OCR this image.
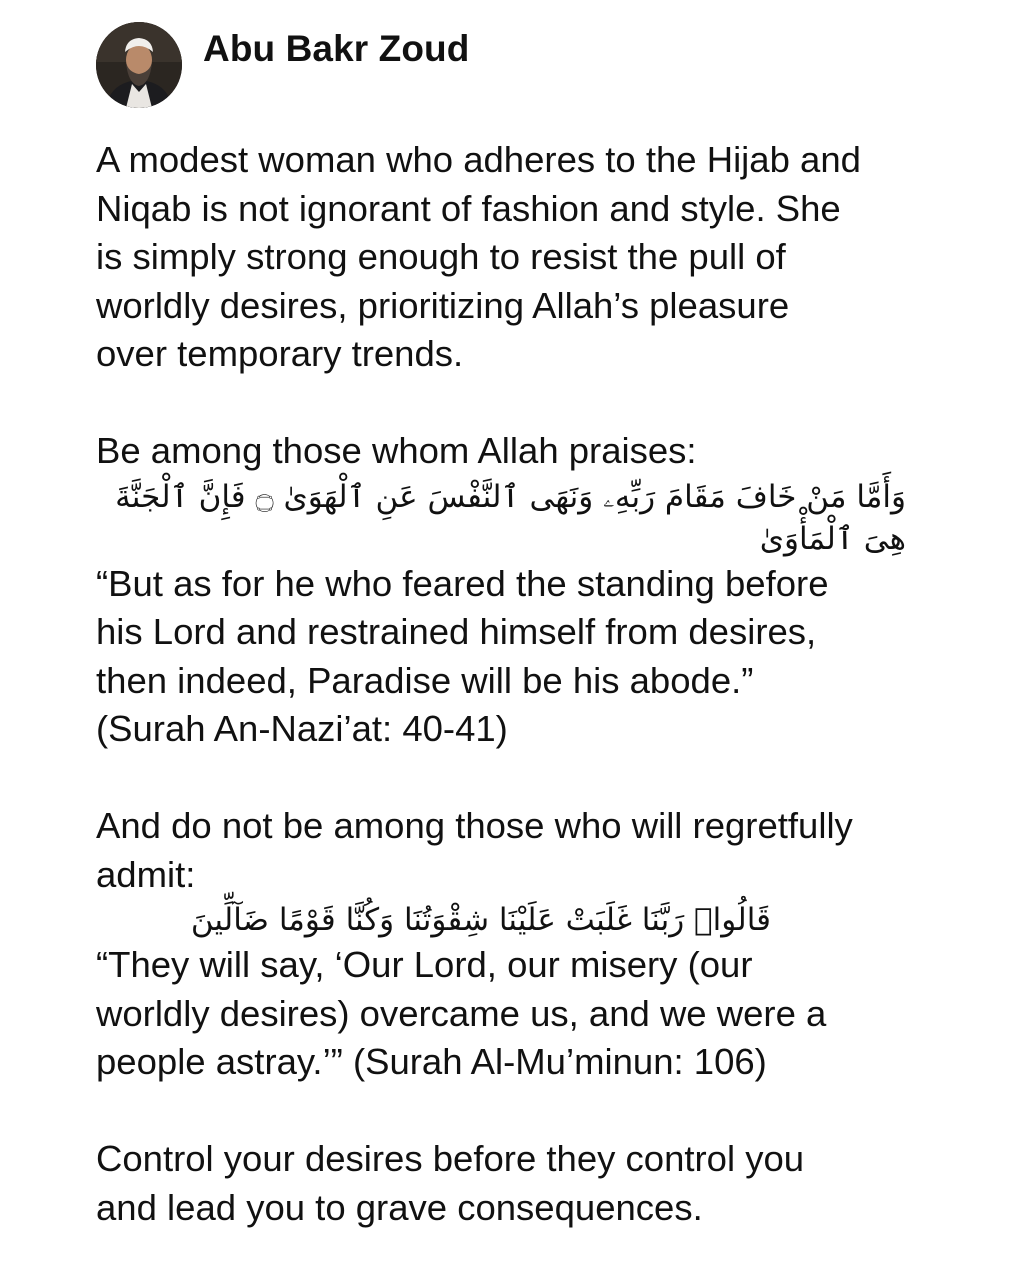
Abu Bakr Zoud

A modest woman who adheres to the Hijab and
Niqab is not ignorant of fashion and style. She
is simply strong enough to resist the pull of
worldly desires, prioritizing Allah’s pleasure
over temporary trends.

Be among those whom Allah praises:

وَأَمَّا مَنْ خَافَ مَقَامَ رَبِّهِۦ وَنَهَى ٱلنَّفْسَ عَنِ ٱلْهَوَىٰ ۝ فَإِنَّ ٱلْجَنَّةَ هِىَ ٱلْمَأْوَىٰ

“But as for he who feared the standing before
his Lord and restrained himself from desires,
then indeed, Paradise will be his abode.”
(Surah An-Nazi’at: 40-41)

And do not be among those who will regretfully
admit:

قَالُوا۟ رَبَّنَا غَلَبَتْ عَلَيْنَا شِقْوَتُنَا وَكُنَّا قَوْمًا ضَآلِّينَ

“They will say, ‘Our Lord, our misery (our
worldly desires) overcame us, and we were a
people astray.’” (Surah Al-Mu’minun: 106)

Control your desires before they control you
and lead you to grave consequences.
